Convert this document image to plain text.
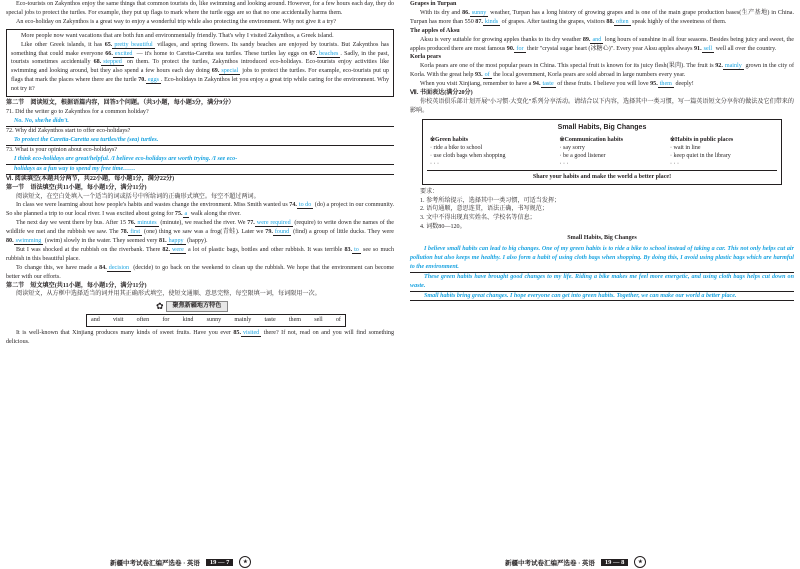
Eco-tourists on Zakynthos enjoy the same things that common tourists do, like swimming and looking around. However, for a few hours each day, they do special jobs to protect the turtles. For example, they put up flags to mark where the turtle eggs are so that no one accidentally harms them.

An eco-holiday on Zakynthos is a great way to enjoy a wonderful trip while also protecting the environment. Why not give it a try?

More people now want vacations that are both fun and environmentally friendly. That's why I visited Zakynthos, a Greek island.

Like other Greek islands, it has 65. pretty beautiful villages, and spring flowers. Its sandy beaches are enjoyed by tourists. But Zakynthos has something that could make everyone 66. excited — it's home to Caretta-Caretta sea turtles. These turtles lay eggs on 67. beaches . Sadly, in the past, tourists sometimes accidentally 68. stepped on them. To protect the turtles, Zakynthos introduced eco-holidays. Eco-tourists enjoy activities like swimming and looking around, but they also spend a few hours each day doing 69. special jobs to protect the turtles. For example, eco-tourists put up flags that mark the places where there are the turtle 70. eggs . Eco-holidays in Zakynthos let you enjoy a great trip while caring for the environment. Why not try it?

第二节　阅读短文，根据语篇内容，回答3个问题。（共3小题，每小题3分，满分9分）

71. Did the writer go to Zakynthos for a common holiday?

No. No, she/he didn't.

72. Why did Zakynthos start to offer eco-holidays?

To protect the Caretta-Caretta sea turtles/the (sea) turtles.

73. What is your opinion about eco-holidays?

I think eco-holidays are great/helpful. /I believe eco-holidays are worth trying. /I see eco-
holidays as a fun way to spend my free time……

Ⅵ. 阅读填空(本题共分两节，共22小题，每小题1分，满分22分)

第一节　语法填空(共11小题，每小题1分，满分11分)

阅读短文，在空白处填入一个适当的词或括号中所给词的正确形式填空。每空不超过两词。

In class we were learning about how people's habits and wastes change the environment. Miss Smith wanted us 74. to do (do) a project in our community. So she planned a trip to our local river. I was excited about going for 75. a walk along the river.

The next day we went there by bus. After 15 76. minutes (minute), we reached the river. We 77. were required (require) to write down the names of the wildlife we met and the rubbish we saw. The 78. first (one) thing we saw was a frog(青蛙). Later we 79. found (find) a group of little ducks. They were 80. swimming (swim) slowly in the water. They seemed very 81. happy (happy).

But I was shocked at the rubbish on the riverbank. There 82. were a lot of plastic bags, bottles and other rubbish. It was terrible 83. to see so much rubbish in this beautiful place.

To change this, we have made a 84. decision (decide) to go back on the weekend to clean up the rubbish. We hope that the environment can become better with our efforts.

第二节　短文填空(共11小题，每小题1分，满分11分)

阅读短文，从方框中选择适当的词并用其正确形式填空，使短文通顺、意思完整，每空限填一词，每词限用一次。

✿	聚焦新疆地方特色
and visit often for kind sunny mainly taste them sell of

It is well-known that Xinjiang produces many kinds of sweet fruits. Have you ever 85. visited there? If not, read on and you will find something delicious.

新疆中考试卷汇编严选卷 · 英语	19 — 7	★

Grapes in Turpan

With its dry and 86. sunny weather, Turpan has a long history of growing grapes and is one of the main grape production bases(生产基地) in China. Turpan has more than 550 87. kinds of grapes. After tasting the grapes, visitors 88. often speak highly of the sweetness of them.

The apples of Aksu

Aksu is very suitable for growing apples thanks to its dry weather 89. and long hours of sunshine in all four seasons. Besides being juicy and sweet, the apples produced there are most famous 90. for their "crystal sugar heart (冰糖心)". Every year Aksu apples always 91. sell well all over the country.

Korla pears

Korla pears are one of the most popular pears in China. This special fruit is known for its juicy flesh(果肉). The fruit is 92. mainly grown in the city of Korla. With the great help 93. of the local government, Korla pears are sold abroad in large numbers every year.

When you visit Xinjiang, remember to have a 94. taste of these fruits. I believe you will love 95. them deeply!

Ⅶ. 书面表达(满分20分)

你校英语俱乐部计划开展“小习惯·大变化”系列分享活动。请结合以下内容，选择其中一类习惯，写一篇英语短文分享你的做法及它们带来的影响。

Small Habits, Big Changes
※Green habits	※Communication habits	※Habits in public places
· ride a bike to school	· say sorry	· wait in line
· use cloth bags when shopping	· be a good listener	· keep quiet in the library
· · ·	· · ·	· · ·
Share your habits and make the world a better place!

要求：

1. 参考所给提示，选择其中一类习惯，可适当发挥；

2. 语句通顺，意思连贯，语法正确，书写规范；

3. 文中不得出现真实姓名、学校名等信息；

4. 词数80—120。

Small Habits, Big Changes

I believe small habits can lead to big changes. One of my green habits is to ride a bike to school instead of taking a car. This not only helps cut air pollution but also keeps me healthy. I also form a habit of using cloth bags when shopping. By doing this, I avoid using plastic bags which are harmful to the environment.

These green habits have brought good changes to my life. Riding a bike makes me feel more energetic, and using cloth bags helps cut down on waste.

Small habits bring great changes. I hope everyone can get into green habits. Together, we can make our world a better place.

新疆中考试卷汇编严选卷 · 英语	19 — 8	★
